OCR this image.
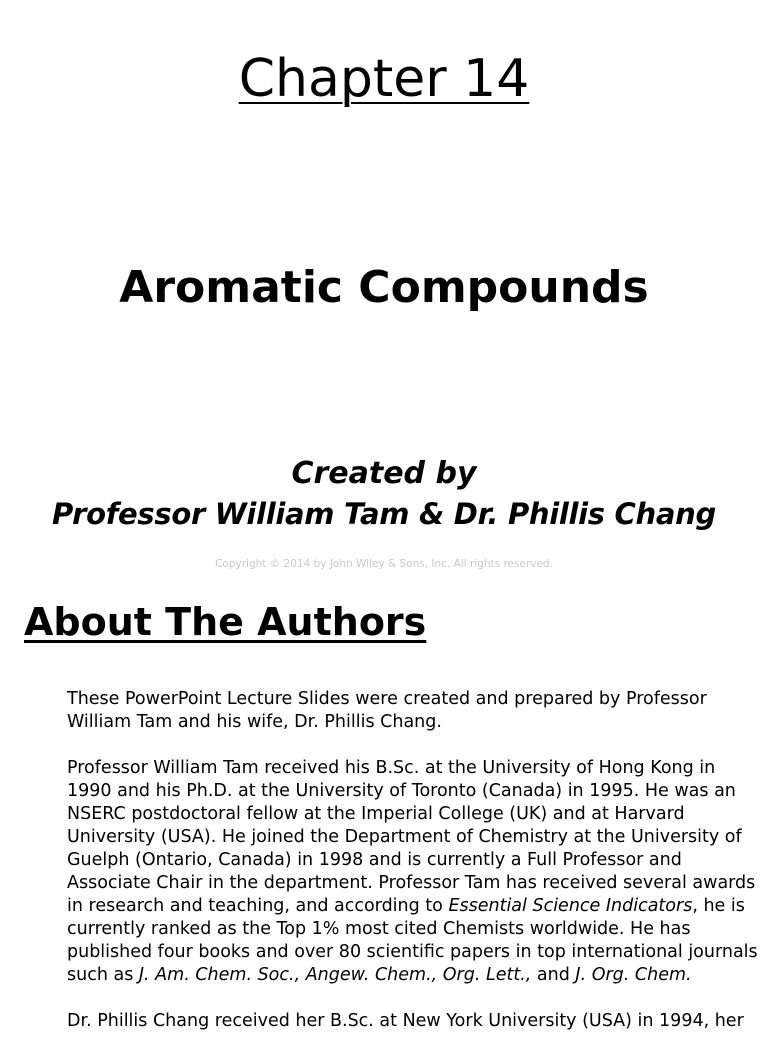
Chapter 14
Aromatic Compounds
Created by
Professor William Tam & Dr. Phillis Chang
Copyright © 2014 by John Wiley & Sons, Inc. All rights reserved.
About The Authors

These PowerPoint Lecture Slides were created and prepared by Professor
William Tam and his wife, Dr. Phillis Chang.

Professor William Tam received his B.Sc. at the University of Hong Kong in
1990 and his Ph.D. at the University of Toronto (Canada) in 1995. He was an
NSERC postdoctoral fellow at the Imperial College (UK) and at Harvard
University (USA). He joined the Department of Chemistry at the University of
Guelph (Ontario, Canada) in 1998 and is currently a Full Professor and
Associate Chair in the department. Professor Tam has received several awards
in research and teaching, and according to Essential Science Indicators, he is
currently ranked as the Top 1% most cited Chemists worldwide. He has
published four books and over 80 scientific papers in top international journals
such as J. Am. Chem. Soc., Angew. Chem., Org. Lett., and J. Org. Chem.

Dr. Phillis Chang received her B.Sc. at New York University (USA) in 1994, her
